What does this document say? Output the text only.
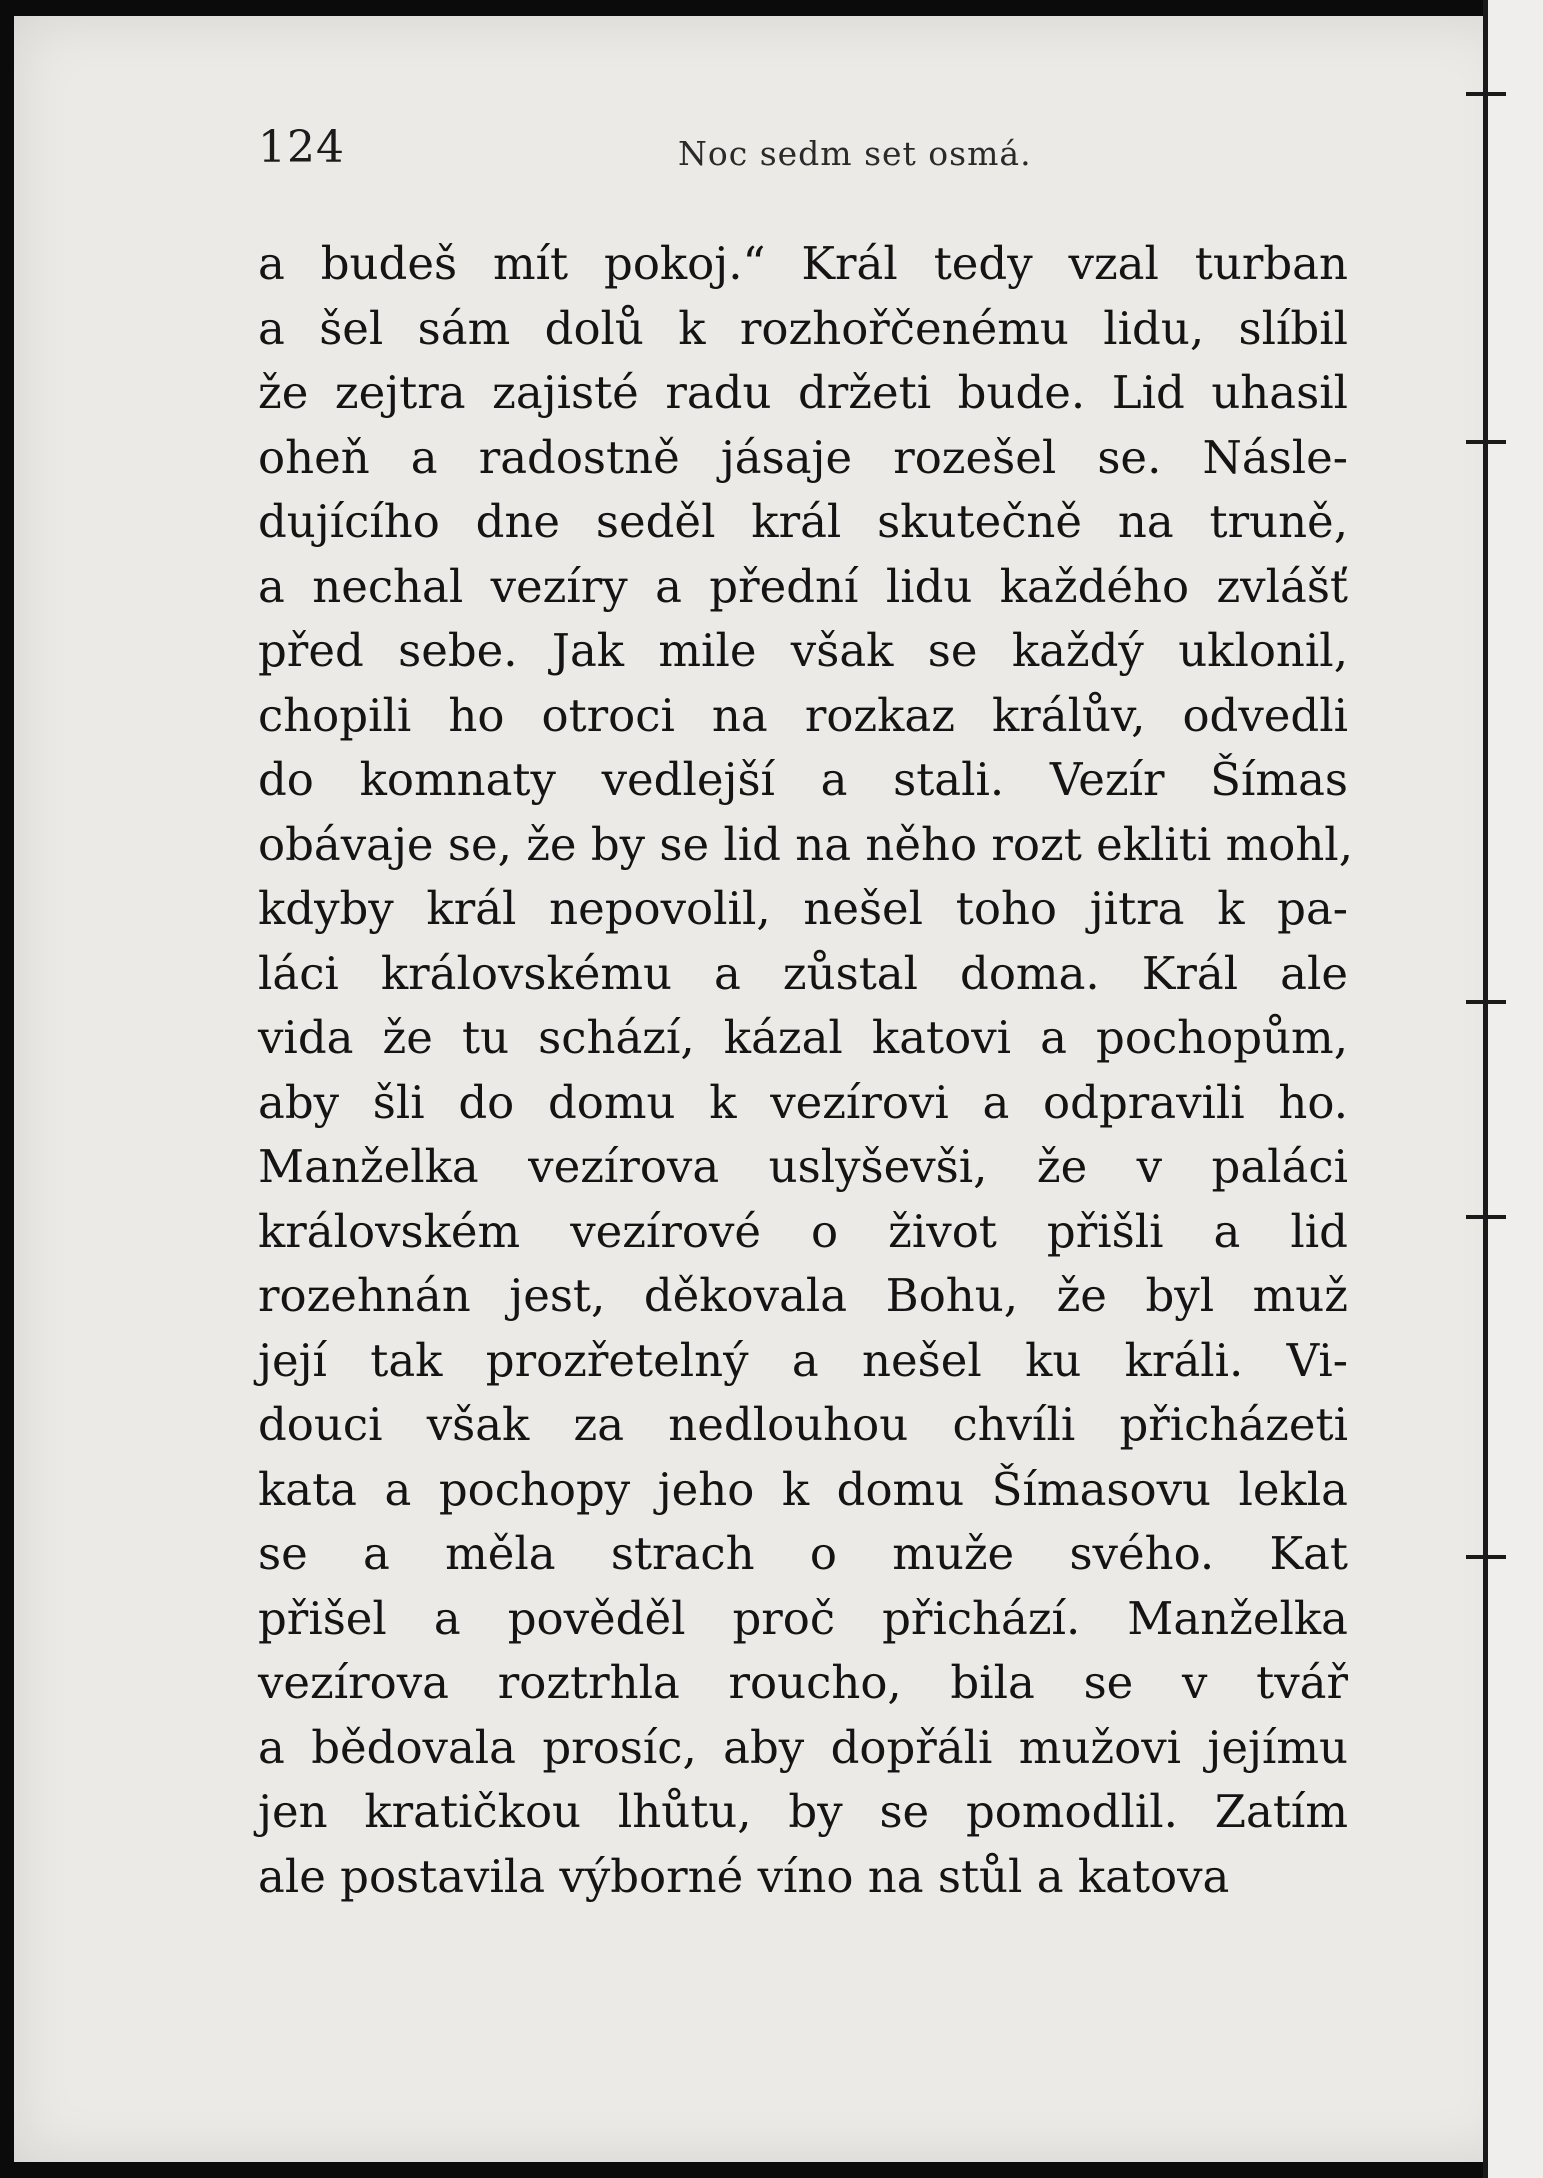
124	Noc sedm set osmá.
a budeš mít pokoj.“ Král tedy vzal turban
a šel sám dolů k rozhořčenému lidu, slíbil
že zejtra zajisté radu držeti bude. Lid uhasil
oheň a radostně jásaje rozešel se. Násle-
dujícího dne seděl král skutečně na truně,
a nechal vezíry a přední lidu každého zvlášť
před sebe. Jak mile však se každý uklonil,
chopili ho otroci na rozkaz králův, odvedli
do komnaty vedlejší a stali. Vezír Šímas
obávaje se, že by se lid na něho rozt ekliti mohl,
kdyby král nepovolil, nešel toho jitra k pa-
láci královskému a zůstal doma. Král ale
vida že tu schází, kázal katovi a pochopům,
aby šli do domu k vezírovi a odpravili ho.
Manželka vezírova uslyševši, že v paláci
královském vezírové o život přišli a lid
rozehnán jest, děkovala Bohu, že byl muž
její tak prozřetelný a nešel ku králi. Vi-
douci však za nedlouhou chvíli přicházeti
kata a pochopy jeho k domu Šímasovu lekla
se a měla strach o muže svého. Kat
přišel a pověděl proč přichází. Manželka
vezírova roztrhla roucho, bila se v tvář
a bědovala prosíc, aby dopřáli mužovi jejímu
jen kratičkou lhůtu, by se pomodlil. Zatím
ale postavila výborné víno na stůl a katova
